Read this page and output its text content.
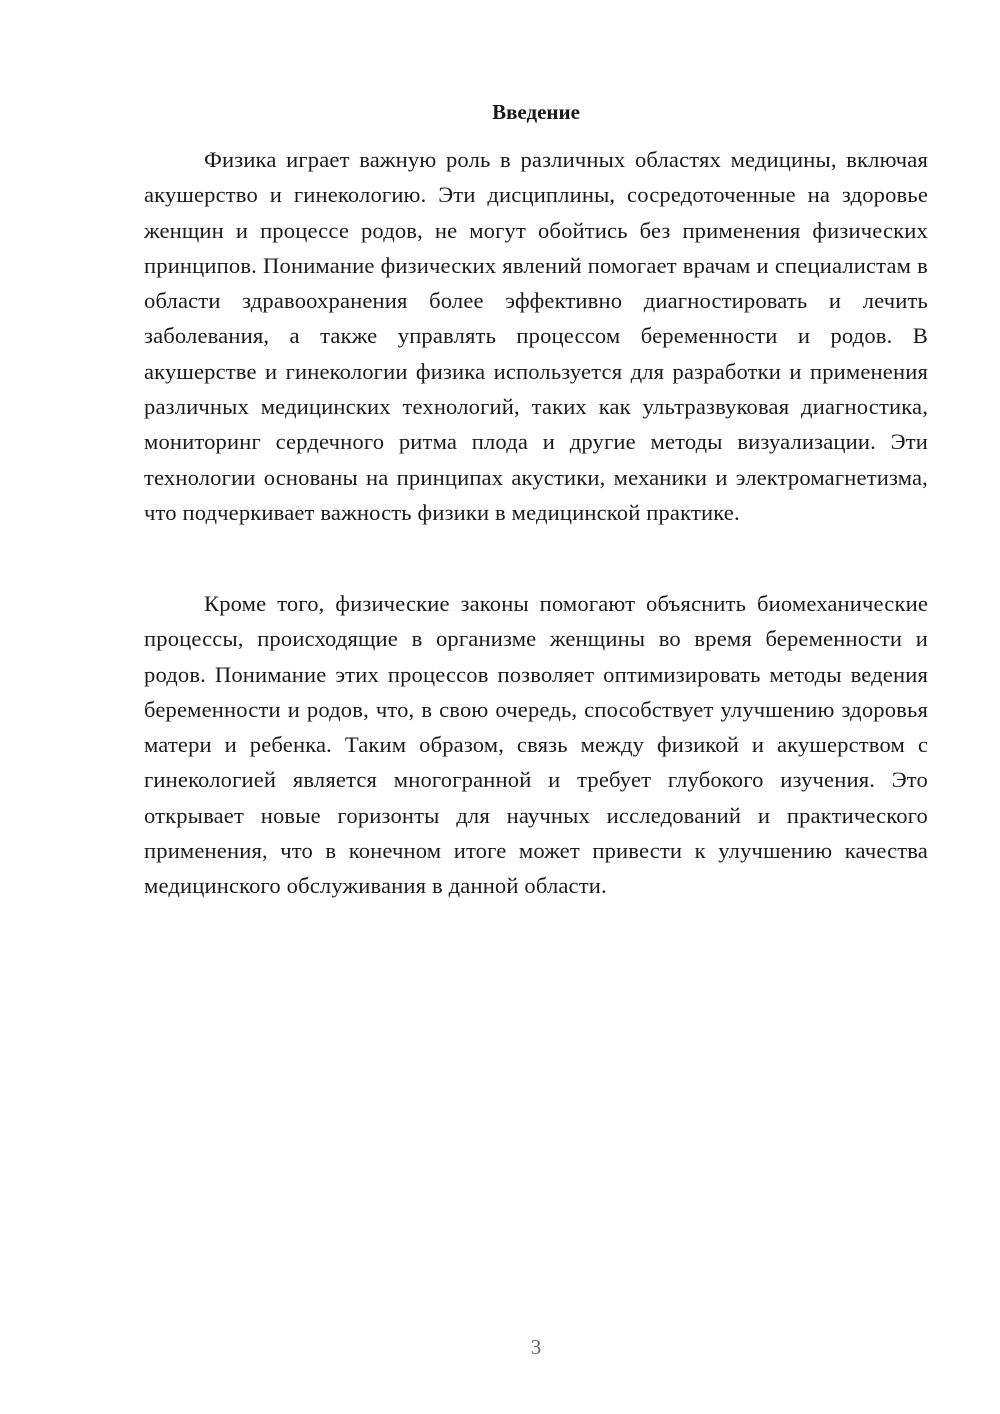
Введение

Физика играет важную роль в различных областях медицины, включая акушерство и гинекологию. Эти дисциплины, сосредоточенные на здоровье женщин и процессе родов, не могут обойтись без применения физических принципов. Понимание физических явлений помогает врачам и специалистам в области здравоохранения более эффективно диагностировать и лечить заболевания, а также управлять процессом беременности и родов. В акушерстве и гинекологии физика используется для разработки и применения различных медицинских технологий, таких как ультразвуковая диагностика, мониторинг сердечного ритма плода и другие методы визуализации. Эти технологии основаны на принципах акустики, механики и электромагнетизма, что подчеркивает важность физики в медицинской практике.

Кроме того, физические законы помогают объяснить биомеханические процессы, происходящие в организме женщины во время беременности и родов. Понимание этих процессов позволяет оптимизировать методы ведения беременности и родов, что, в свою очередь, способствует улучшению здоровья матери и ребенка. Таким образом, связь между физикой и акушерством с гинекологией является многогранной и требует глубокого изучения. Это открывает новые горизонты для научных исследований и практического применения, что в конечном итоге может привести к улучшению качества медицинского обслуживания в данной области.

3
